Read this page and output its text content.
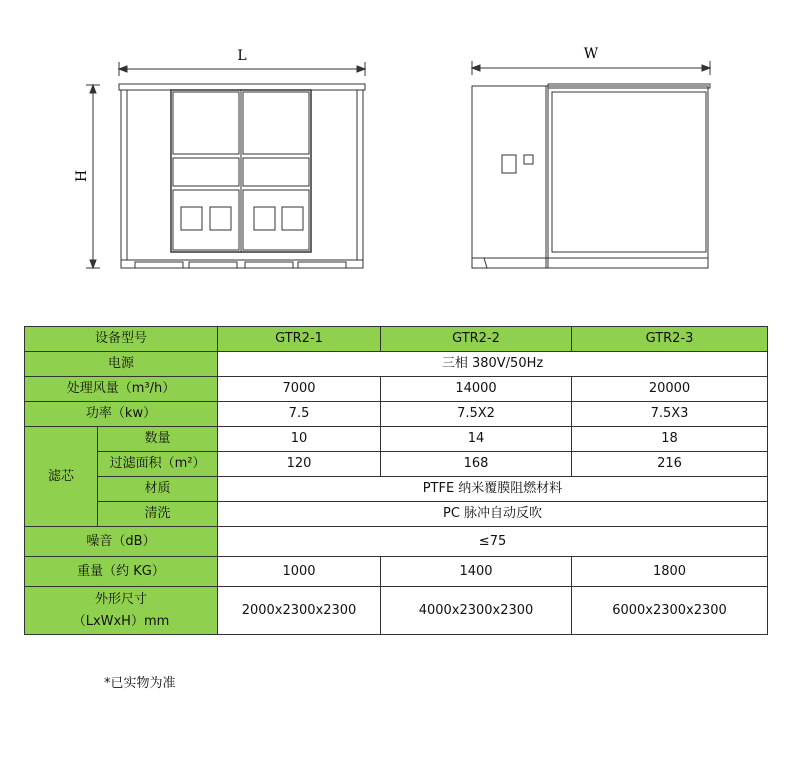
L
H
W
设备型号		GTR2-1	GTR2-2	GTR2-3
电源		三相 380V/50Hz		
处理风量（m³/h）		7000	14000	20000
功率（kw）		7.5	7.5X2	7.5X3
滤芯	数量	10	14	18
	过滤面积（m²）	120	168	216
	材质	PTFE 纳米覆膜阻燃材料		
	清洗	PC 脉冲自动反吹		
噪音（dB）		≤75		
重量（约 KG）		1000	1400	1800

外形尺寸
（LxWxH）mm		2000x2300x2300	4000x2300x2300	6000x2300x2300
*已实物为准
